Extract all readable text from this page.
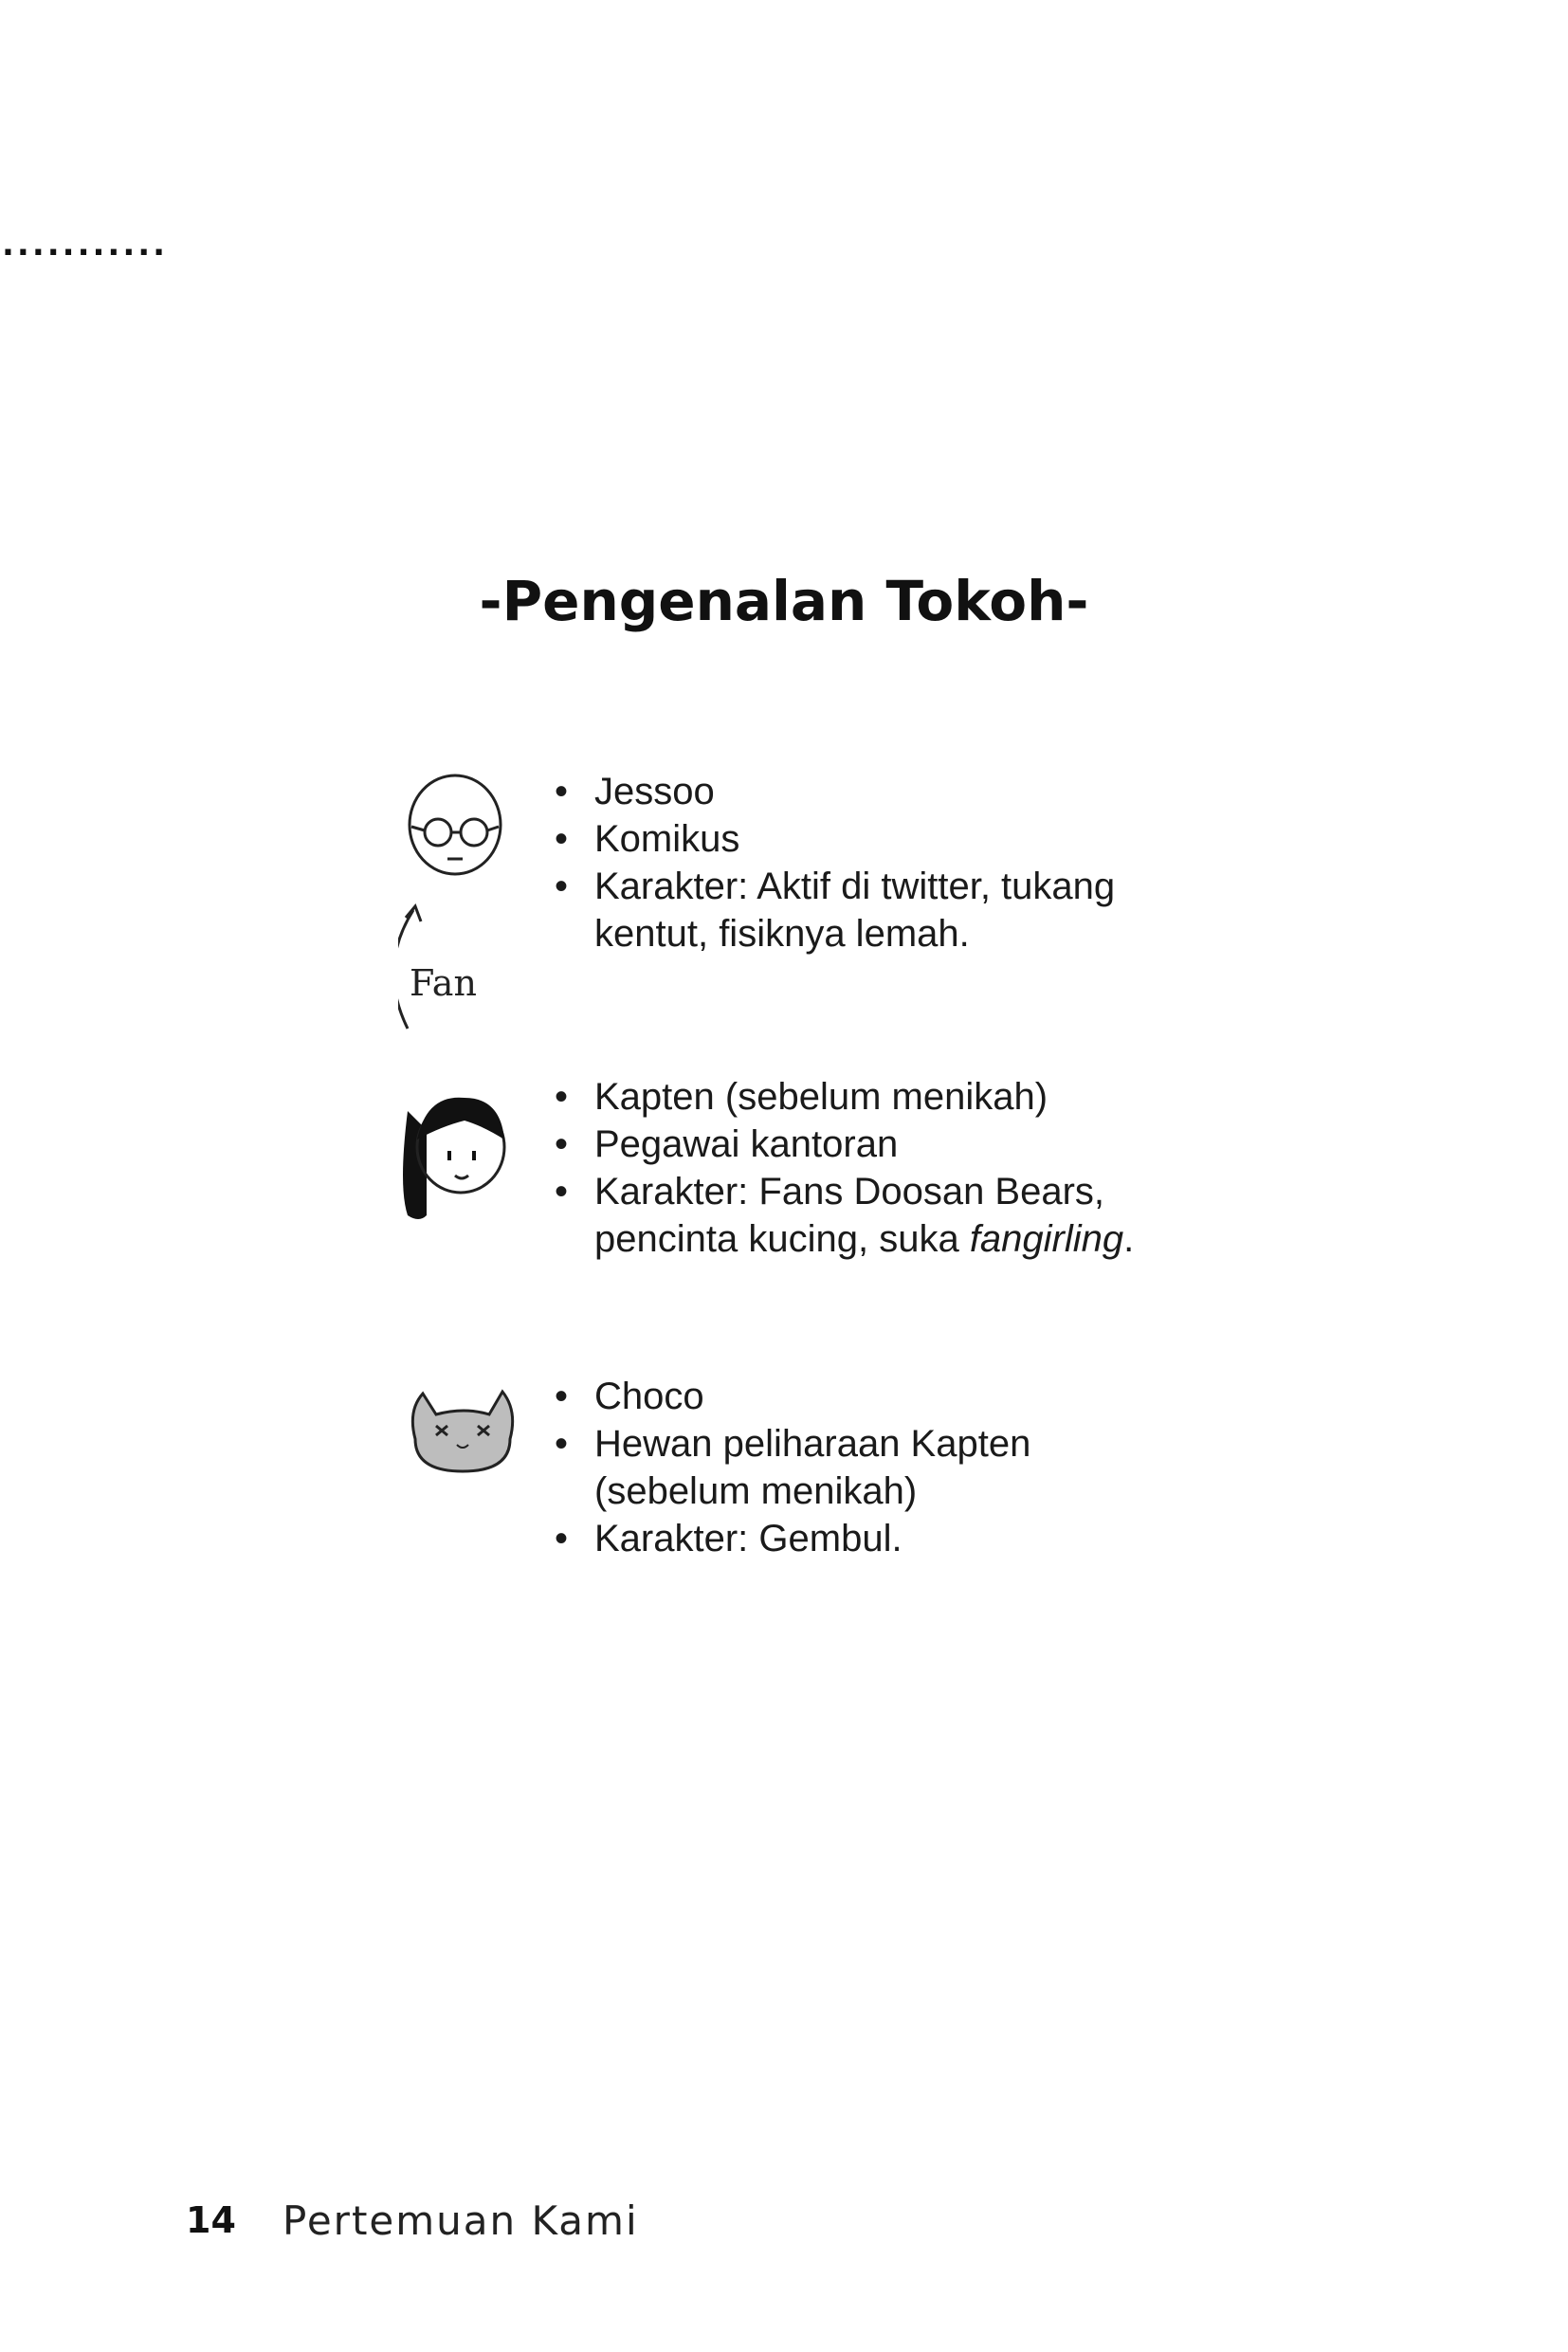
...........
-Pengenalan Tokoh-
Fan
• Jessoo
• Komikus
• Karakter: Aktif di twitter, tukang kentut, fisiknya lemah.
• Kapten (sebelum menikah)
• Pegawai kantoran
• Karakter: Fans Doosan Bears, pencinta kucing, suka fangirling.
• Choco
• Hewan peliharaan Kapten (sebelum menikah)
• Karakter: Gembul.
14 Pertemuan Kami
